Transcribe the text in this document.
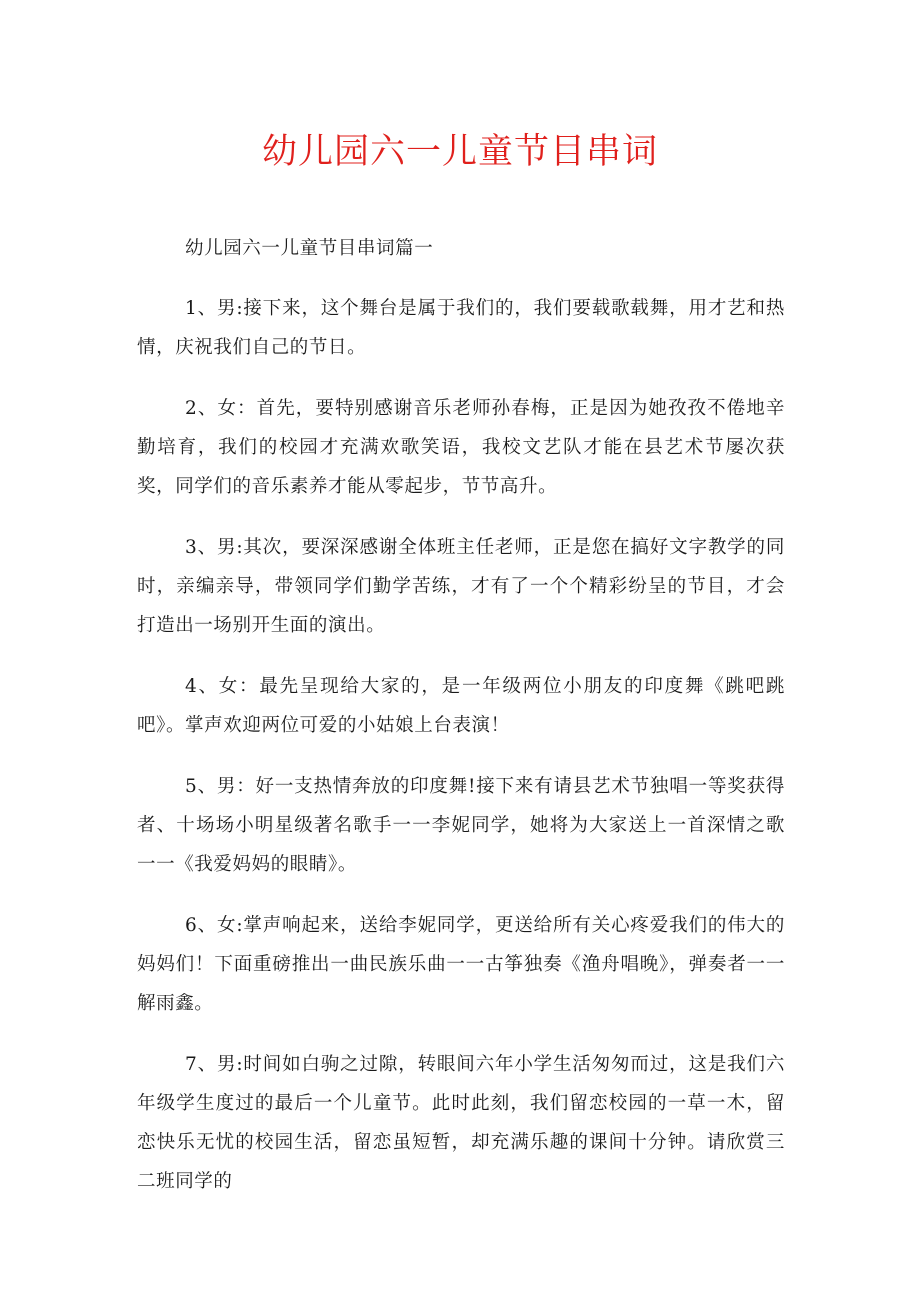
幼儿园六一儿童节目串词

幼儿园六一儿童节目串词篇一

1、男:接下来，这个舞台是属于我们的，我们要载歌载舞，用才艺和热情，庆祝我们自己的节日。

2、女：首先，要特别感谢音乐老师孙春梅，正是因为她孜孜不倦地辛勤培育，我们的校园才充满欢歌笑语，我校文艺队才能在县艺术节屡次获奖，同学们的音乐素养才能从零起步，节节高升。

3、男:其次，要深深感谢全体班主任老师，正是您在搞好文字教学的同时，亲编亲导，带领同学们勤学苦练，才有了一个个精彩纷呈的节目，才会打造出一场别开生面的演出。

4、女：最先呈现给大家的，是一年级两位小朋友的印度舞《跳吧跳吧》。掌声欢迎两位可爱的小姑娘上台表演！

5、男：好一支热情奔放的印度舞!接下来有请县艺术节独唱一等奖获得者、十场场小明星级著名歌手一一李妮同学，她将为大家送上一首深情之歌一一《我爱妈妈的眼睛》。

6、女:掌声响起来，送给李妮同学，更送给所有关心疼爱我们的伟大的妈妈们！下面重磅推出一曲民族乐曲一一古筝独奏《渔舟唱晚》，弹奏者一一解雨鑫。

7、男:时间如白驹之过隙，转眼间六年小学生活匆匆而过，这是我们六年级学生度过的最后一个儿童节。此时此刻，我们留恋校园的一草一木，留恋快乐无忧的校园生活，留恋虽短暂，却充满乐趣的课间十分钟。请欣赏三二班同学的
